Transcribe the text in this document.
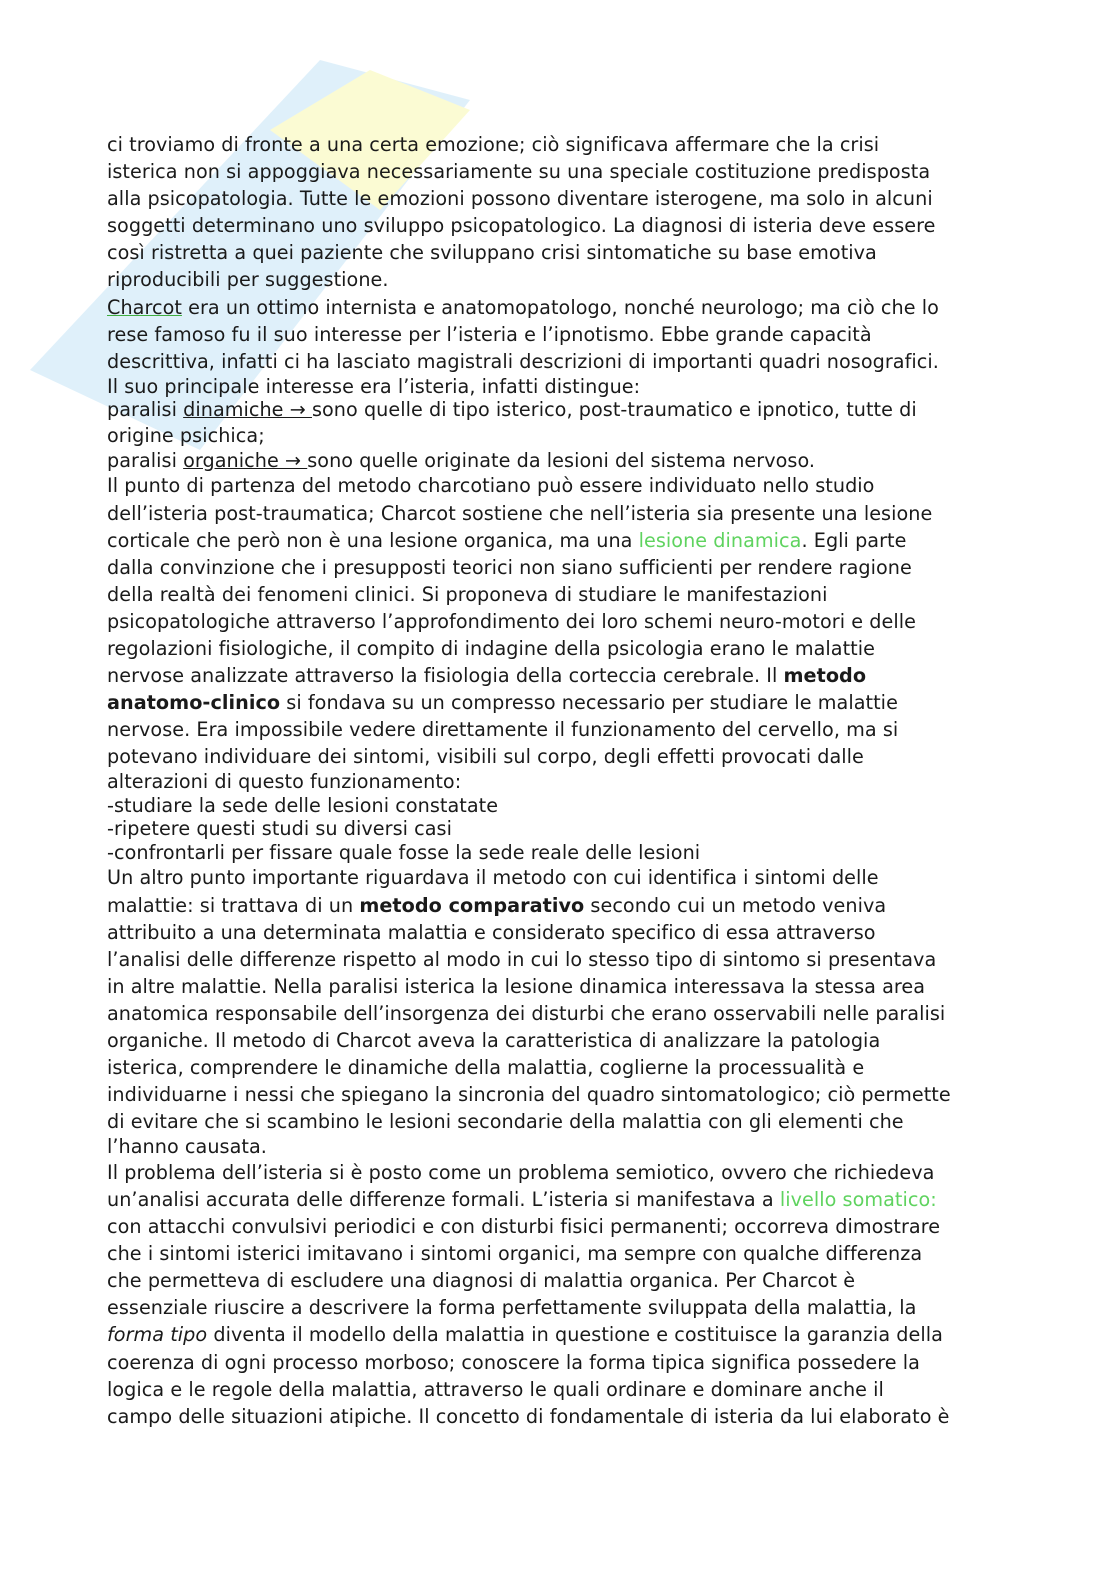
ci troviamo di fronte a una certa emozione; ciò significava affermare che la crisi

isterica non si appoggiava necessariamente su una speciale costituzione predisposta

alla psicopatologia. Tutte le emozioni possono diventare isterogene, ma solo in alcuni

soggetti determinano uno sviluppo psicopatologico. La diagnosi di isteria deve essere

così ristretta a quei paziente che sviluppano crisi sintomatiche su base emotiva

riproducibili per suggestione.

Charcot era un ottimo internista e anatomopatologo, nonché neurologo; ma ciò che lo

rese famoso fu il suo interesse per l’isteria e l’ipnotismo. Ebbe grande capacità

descrittiva, infatti ci ha lasciato magistrali descrizioni di importanti quadri nosografici.

Il suo principale interesse era l’isteria, infatti distingue:

paralisi dinamiche → sono quelle di tipo isterico, post-traumatico e ipnotico, tutte di

origine psichica;

paralisi organiche → sono quelle originate da lesioni del sistema nervoso.

Il punto di partenza del metodo charcotiano può essere individuato nello studio

dell’isteria post-traumatica; Charcot sostiene che nell’isteria sia presente una lesione

corticale che però non è una lesione organica, ma una lesione dinamica. Egli parte

dalla convinzione che i presupposti teorici non siano sufficienti per rendere ragione

della realtà dei fenomeni clinici. Si proponeva di studiare le manifestazioni

psicopatologiche attraverso l’approfondimento dei loro schemi neuro-motori e delle

regolazioni fisiologiche, il compito di indagine della psicologia erano le malattie

nervose analizzate attraverso la fisiologia della corteccia cerebrale. Il metodo

anatomo-clinico si fondava su un compresso necessario per studiare le malattie

nervose. Era impossibile vedere direttamente il funzionamento del cervello, ma si

potevano individuare dei sintomi, visibili sul corpo, degli effetti provocati dalle

alterazioni di questo funzionamento:

-studiare la sede delle lesioni constatate

-ripetere questi studi su diversi casi

-confrontarli per fissare quale fosse la sede reale delle lesioni

Un altro punto importante riguardava il metodo con cui identifica i sintomi delle

malattie: si trattava di un metodo comparativo secondo cui un metodo veniva

attribuito a una determinata malattia e considerato specifico di essa attraverso

l’analisi delle differenze rispetto al modo in cui lo stesso tipo di sintomo si presentava

in altre malattie. Nella paralisi isterica la lesione dinamica interessava la stessa area

anatomica responsabile dell’insorgenza dei disturbi che erano osservabili nelle paralisi

organiche. Il metodo di Charcot aveva la caratteristica di analizzare la patologia

isterica, comprendere le dinamiche della malattia, coglierne la processualità e

individuarne i nessi che spiegano la sincronia del quadro sintomatologico; ciò permette

di evitare che si scambino le lesioni secondarie della malattia con gli elementi che

l’hanno causata.

Il problema dell’isteria si è posto come un problema semiotico, ovvero che richiedeva

un’analisi accurata delle differenze formali. L’isteria si manifestava a livello somatico:

con attacchi convulsivi periodici e con disturbi fisici permanenti; occorreva dimostrare

che i sintomi isterici imitavano i sintomi organici, ma sempre con qualche differenza

che permetteva di escludere una diagnosi di malattia organica. Per Charcot è

essenziale riuscire a descrivere la forma perfettamente sviluppata della malattia, la

forma tipo diventa il modello della malattia in questione e costituisce la garanzia della

coerenza di ogni processo morboso; conoscere la forma tipica significa possedere la

logica e le regole della malattia, attraverso le quali ordinare e dominare anche il

campo delle situazioni atipiche. Il concetto di fondamentale di isteria da lui elaborato è
